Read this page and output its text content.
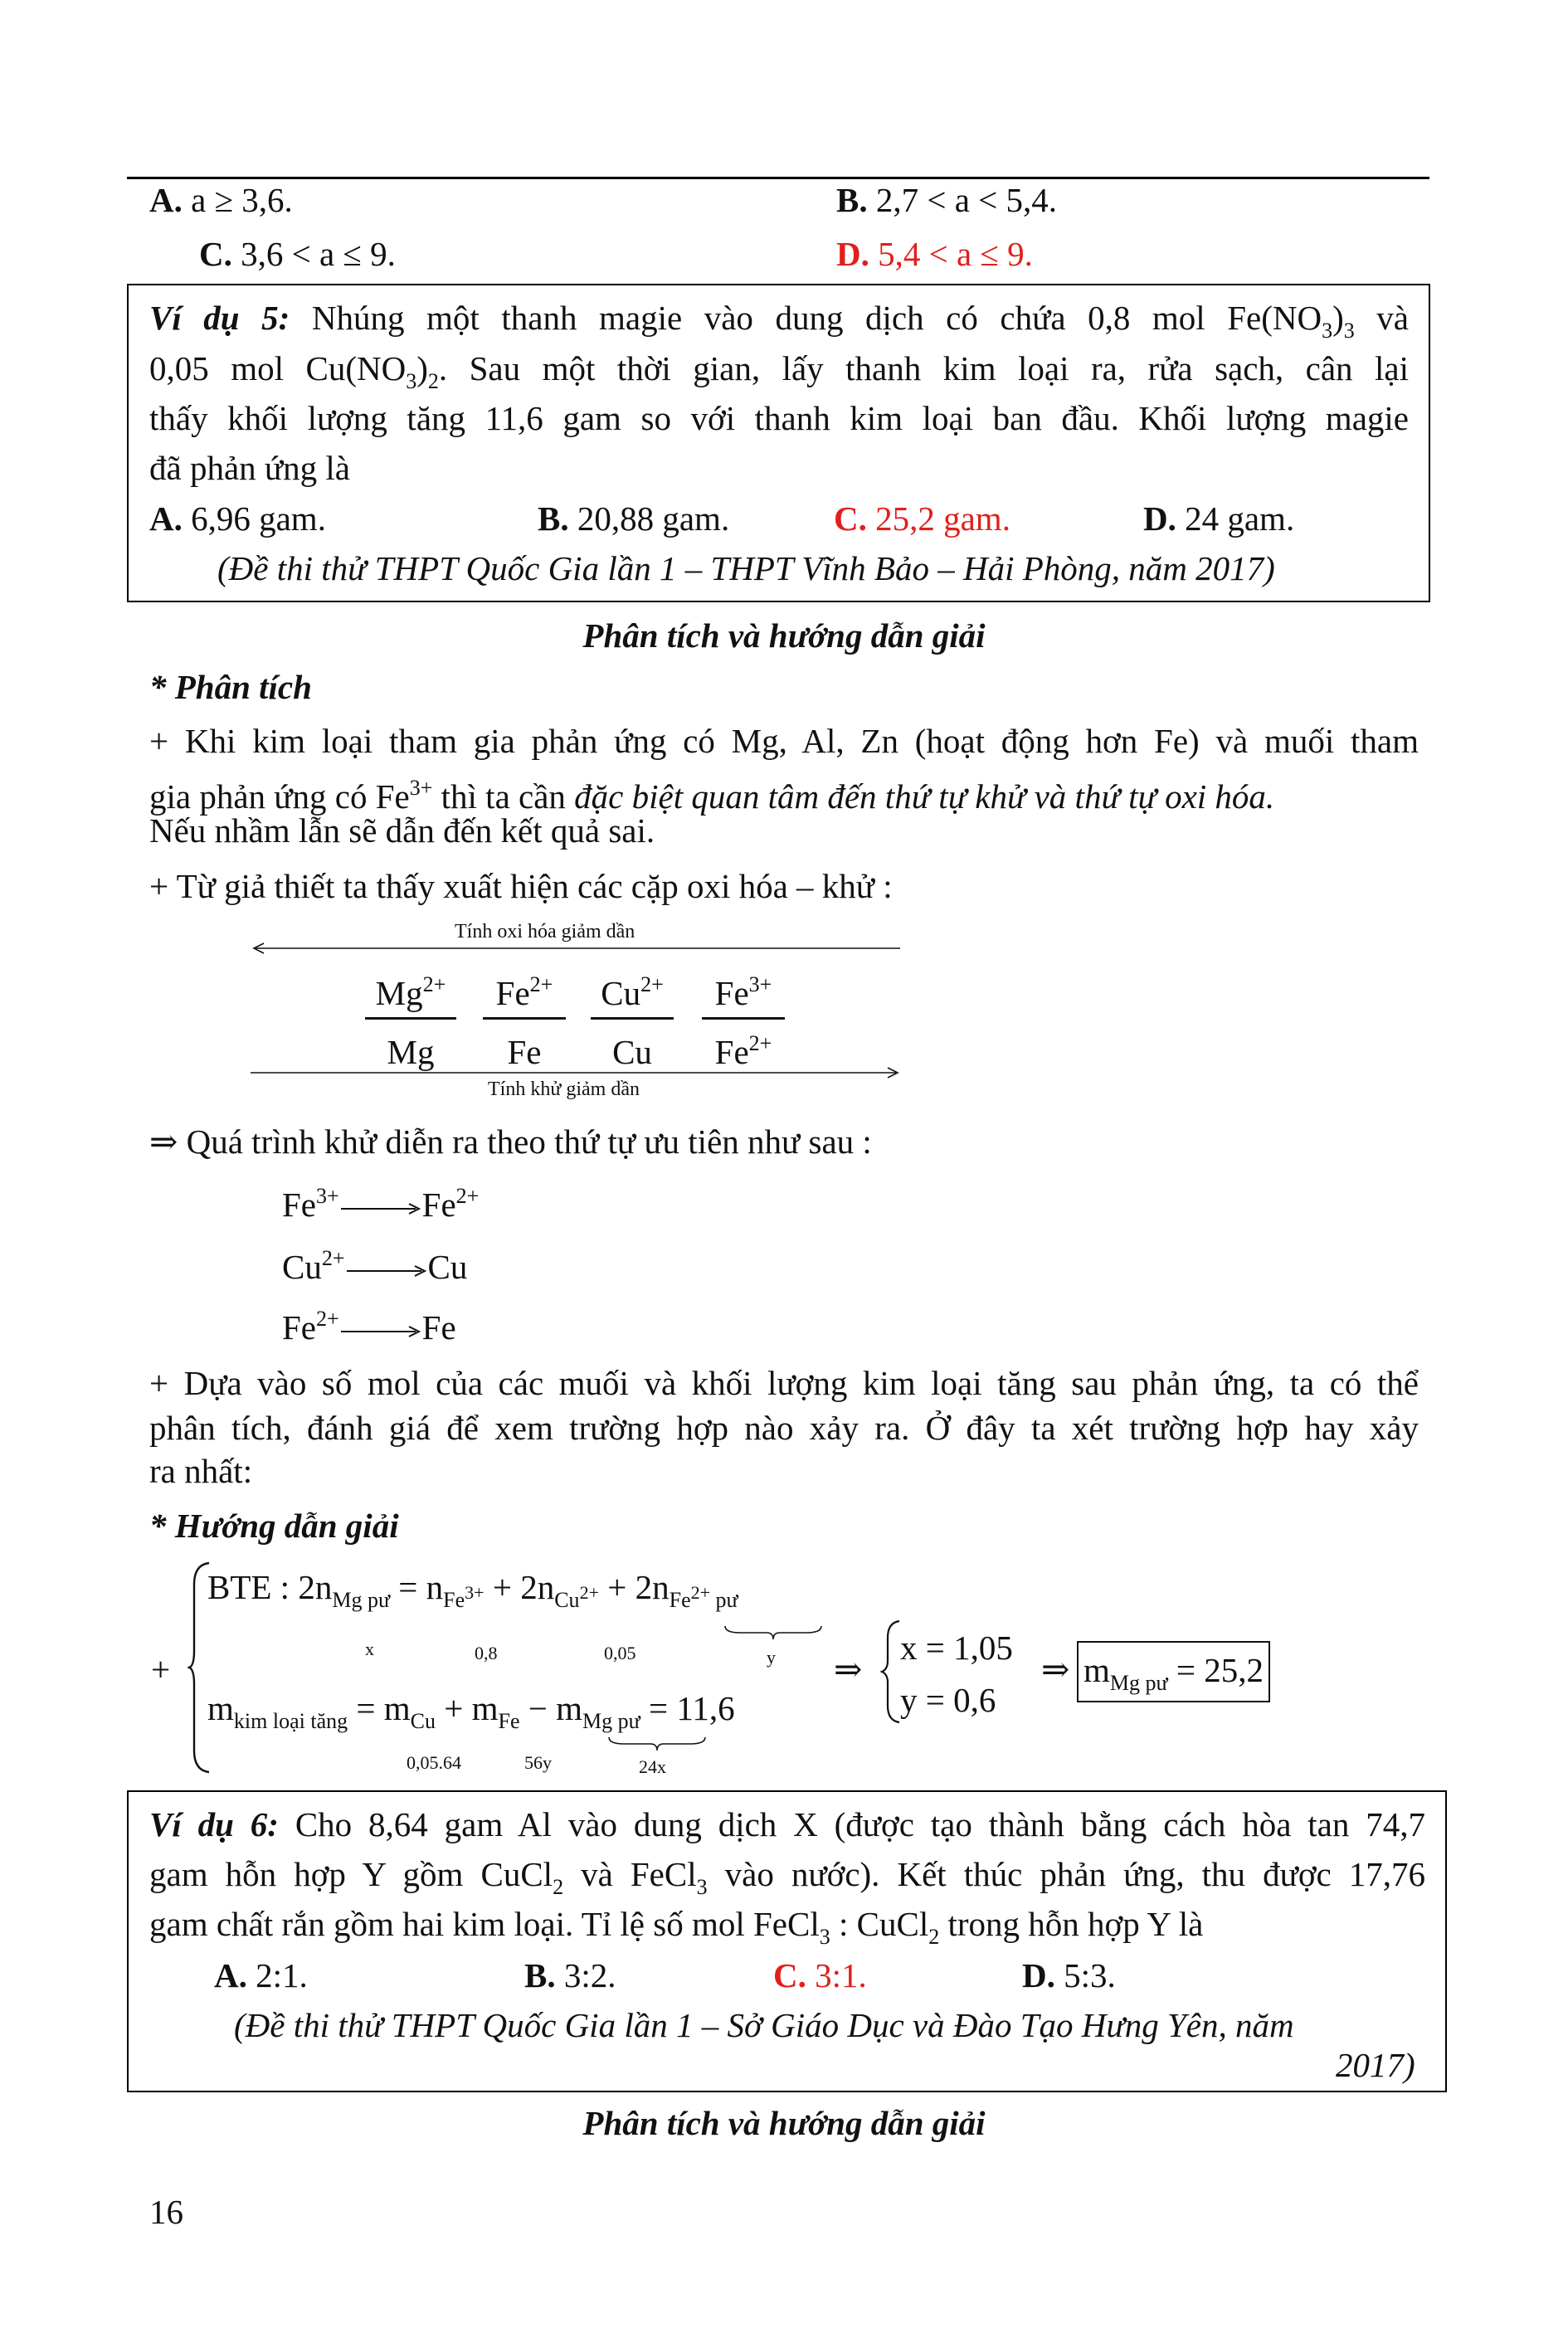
A. a ≥ 3,6.	B. 2,7 < a < 5,4.
C. 3,6 < a ≤ 9.	D. 5,4 < a ≤ 9.
Ví dụ 5: Nhúng một thanh magie vào dung dịch có chứa 0,8 mol $Fe(NO_3)_3$ và
0,05 mol $Cu(NO_3)_2$. Sau một thời gian, lấy thanh kim loại ra, rửa sạch, cân lại
thấy khối lượng tăng 11,6 gam so với thanh kim loại ban đầu. Khối lượng magie
đã phản ứng là
A. 6,96 gam.	B. 20,88 gam.	C. 25,2 gam.	D. 24 gam.
(Đề thi thử THPT Quốc Gia lần 1 – THPT Vĩnh Bảo – Hải Phòng, năm 2017)
Phân tích và hướng dẫn giải
* Phân tích
+ Khi kim loại tham gia phản ứng có Mg, Al, Zn (hoạt động hơn Fe) và muối tham
gia phản ứng có $Fe^{3+}$ thì ta cần đặc biệt quan tâm đến thứ tự khử và thứ tự oxi hóa.
Nếu nhầm lẫn sẽ dẫn đến kết quả sai.
+ Từ giả thiết ta thấy xuất hiện các cặp oxi hóa – khử :
Tính oxi hóa giảm dần
$\frac{Mg^{2+}}{Mg} \frac{Fe^{2+}}{Fe} \frac{Cu^{2+}}{Cu} \frac{Fe^{3+}}{Fe^{2+}}$
Tính khử giảm dần
⇒ Quá trình khử diễn ra theo thứ tự ưu tiên như sau :
$Fe^{3+}$ $Fe^{2+}$
$Cu^{2+}$ Cu
$Fe^{2+}$ Fe
+ Dựa vào số mol của các muối và khối lượng kim loại tăng sau phản ứng, ta có thể
phân tích, đánh giá để xem trường hợp nào xảy ra. Ở đây ta xét trường hợp hay xảy
ra nhất:
* Hướng dẫn giải
+
BTE : $2n_{Mg pư} = n_{Fe^{3+}} + 2n_{Cu^{2+}} + 2n_{Fe^{2+} pư}$
x	0,8	0,05	y
$m_{kim loại tăng} = m_{Cu} + m_{Fe} - m_{Mg pư} = 11,6$
0,05.64	56y	24x
⇒
x = 1,05
y = 0,6
⇒ $m_{Mg pư} = 25,2$
Ví dụ 6: Cho 8,64 gam Al vào dung dịch X (được tạo thành bằng cách hòa tan 74,7
gam hỗn hợp Y gồm CuCl$_2$ và FeCl$_3$ vào nước). Kết thúc phản ứng, thu được 17,76
gam chất rắn gồm hai kim loại. Tỉ lệ số mol FeCl$_3$ : CuCl$_2$ trong hỗn hợp Y là
A. 2:1.	B. 3:2.	C. 3:1.	D. 5:3.
(Đề thi thử THPT Quốc Gia lần 1 – Sở Giáo Dục và Đào Tạo Hưng Yên, năm
2017)
Phân tích và hướng dẫn giải
16
